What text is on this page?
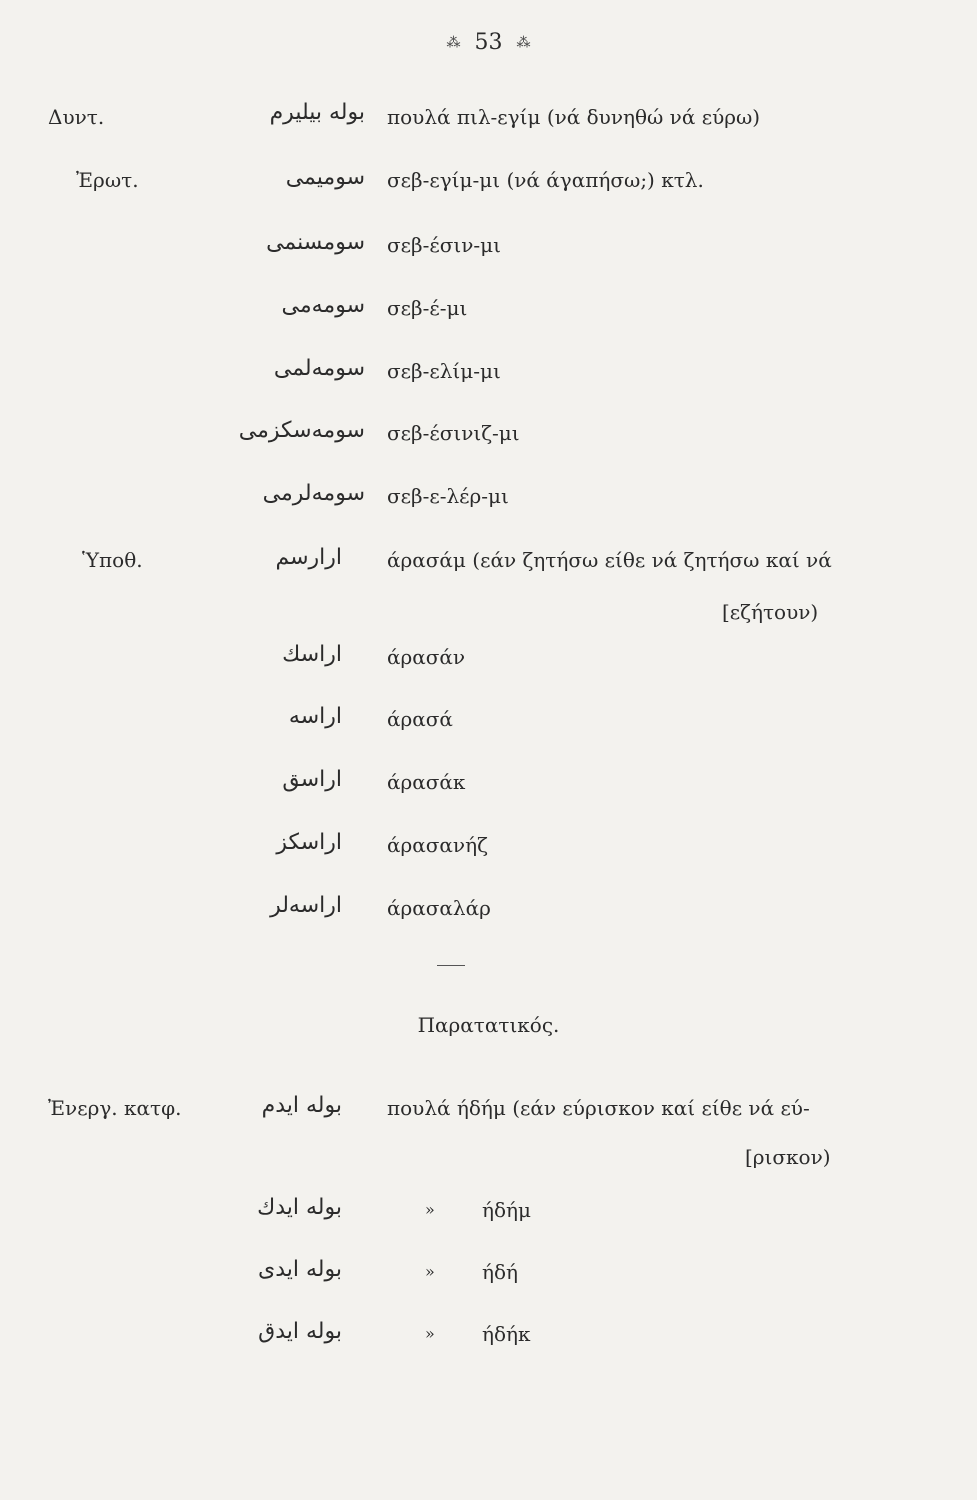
⁂ 53 ⁂
Δυντ.	بولە بیلیرم πουλά πιλ-εγίμ (νά δυνηθώ νά εύρω)
Ἐρωτ.	سومیمی σεβ-εγίμ-μι (νά άγαπήσω;) κτλ.
سومسنمی σεβ-έσιν-μι
سومەمی σεβ-έ-μι
سومەلمی σεβ-ελίμ-μι
سومەسکزمی σεβ-έσινιζ-μι
سومەلرمی σεβ-ε-λέρ-μι
Ὑποθ.	ارارسم άρασάμ (εάν ζητήσω είθε νά ζητήσω καί νά
[εζήτουν)
اراسك άρασάν
اراسە άρασά
اراسق άρασάκ
اراسکز άρασανήζ
اراسەلر άρασαλάρ
Παρατατικός.
Ἐνεργ. κατφ.	بولە ایدم πουλά ήδήμ (εάν εύρισκον καί είθε νά εύ-
[ρισκον)
بولە ایدك	» ήδήμ
بولە ایدی	» ήδή
بولە ایدق	» ήδήκ
